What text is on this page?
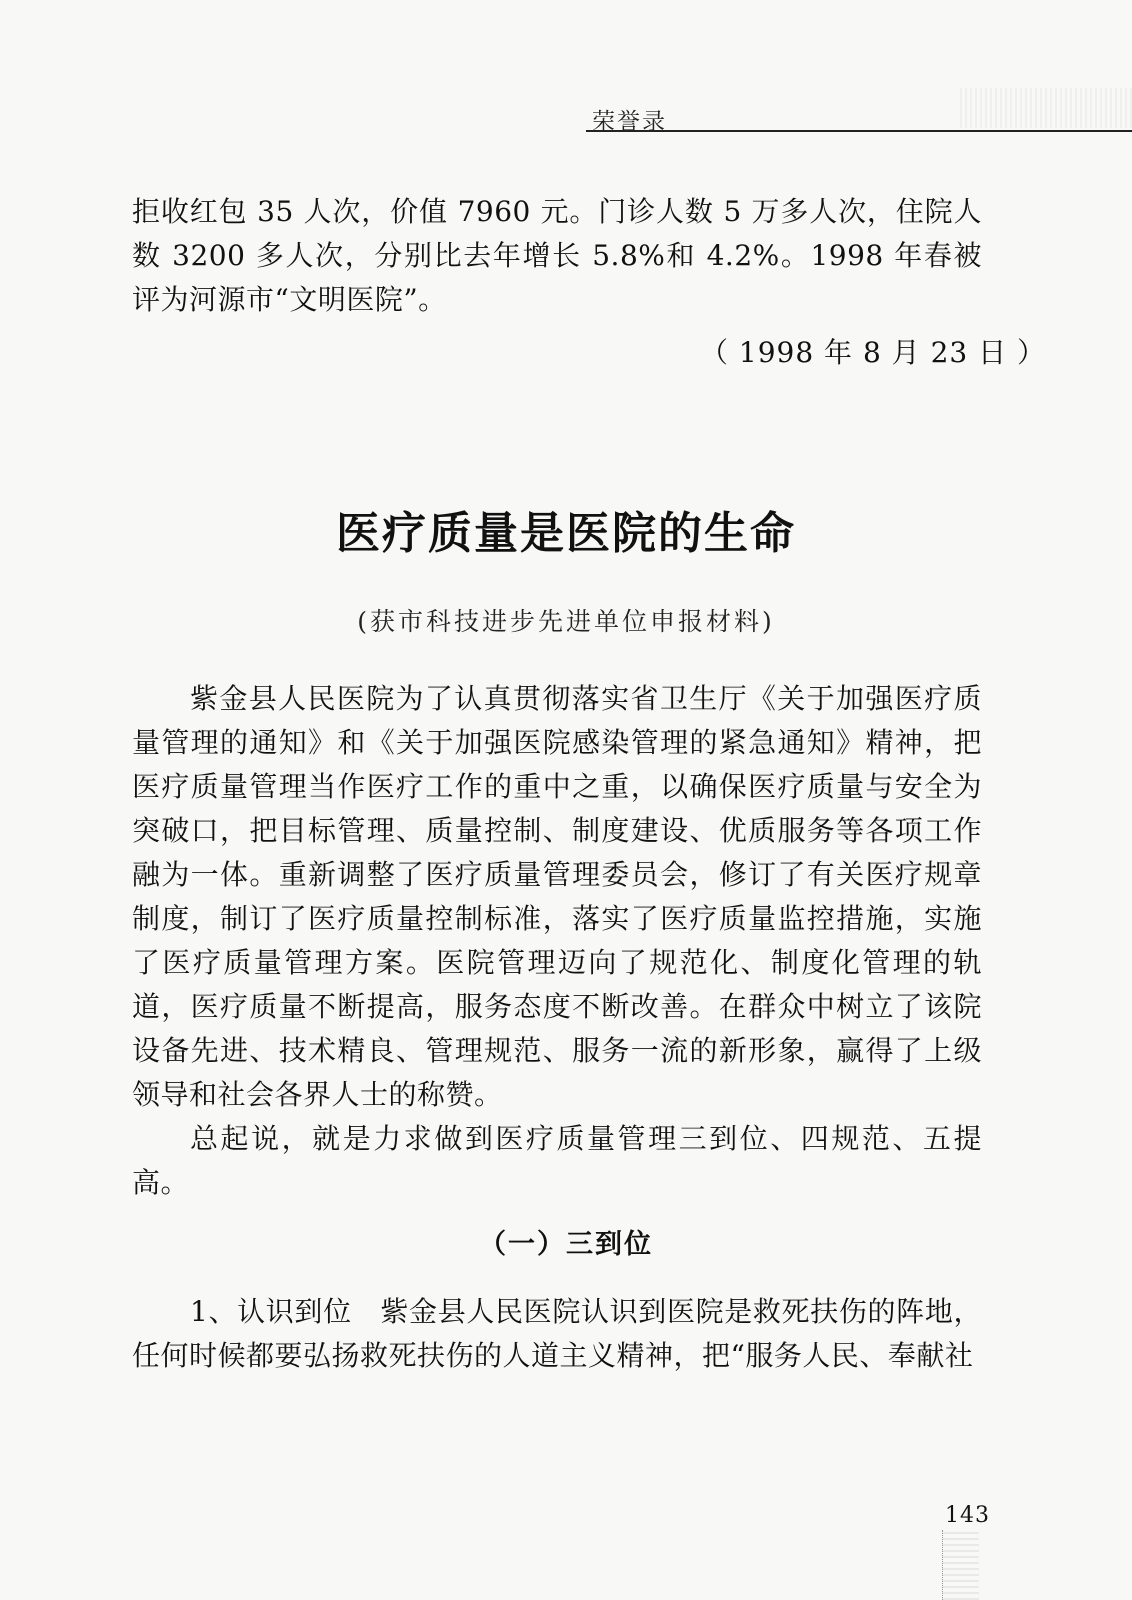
荣誉录
拒收红包 35 人次，价值 7960 元。门诊人数 5 万多人次，住院人数 3200 多人次，分别比去年增长 5.8%和 4.2%。1998 年春被评为河源市“文明医院”。
（ 1998 年 8 月 23 日 ）
医疗质量是医院的生命
(获市科技进步先进单位申报材料)
紫金县人民医院为了认真贯彻落实省卫生厅《关于加强医疗质量管理的通知》和《关于加强医院感染管理的紧急通知》精神，把医疗质量管理当作医疗工作的重中之重，以确保医疗质量与安全为突破口，把目标管理、质量控制、制度建设、优质服务等各项工作融为一体。重新调整了医疗质量管理委员会，修订了有关医疗规章制度，制订了医疗质量控制标准，落实了医疗质量监控措施，实施了医疗质量管理方案。医院管理迈向了规范化、制度化管理的轨道，医疗质量不断提高，服务态度不断改善。在群众中树立了该院设备先进、技术精良、管理规范、服务一流的新形象，赢得了上级领导和社会各界人士的称赞。
总起说，就是力求做到医疗质量管理三到位、四规范、五提高。
（一）三到位
1、认识到位　紫金县人民医院认识到医院是救死扶伤的阵地，任何时候都要弘扬救死扶伤的人道主义精神，把“服务人民、奉献社
143
